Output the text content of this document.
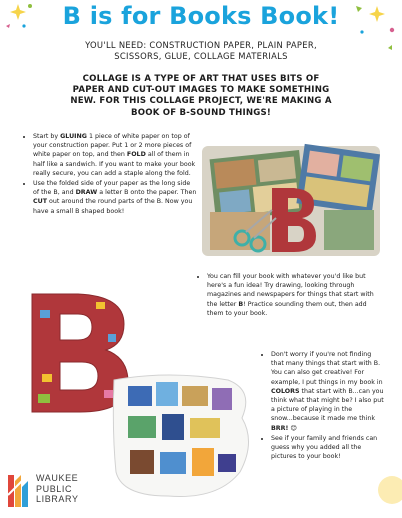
B is for Books Book!
YOU'LL NEED: CONSTRUCTION PAPER, PLAIN PAPER,
SCISSORS, GLUE, COLLAGE MATERIALS
COLLAGE IS A TYPE OF ART THAT USES BITS OF
PAPER AND CUT-OUT IMAGES TO MAKE SOMETHING
NEW. FOR THIS COLLAGE PROJECT, WE'RE MAKING A
BOOK OF B-SOUND THINGS!
• Start by GLUING 1 piece of white paper on top of your construction paper. Put 1 or 2 more pieces of white paper on top, and then FOLD all of them in half like a sandwich. If you want to make your book really secure, you can add a staple along the fold.
• Use the folded side of your paper as the long side of the B, and DRAW a letter B onto the paper. Then CUT out around the round parts of the B. Now you have a small B shaped book!
• You can fill your book with whatever you'd like but here's a fun idea! Try drawing, looking through magazines and newspapers for things that start with the letter B! Practice sounding them out, then add them to your book.
• Don't worry if you're not finding that many things that start with B. You can also get creative! For example, I put things in my book in COLORS that start with B...can you think what that might be? I also put a picture of playing in the snow...because it made me think BRR! 😊
• See if your family and friends can guess why you added all the pictures to your book!
WAUKEE
PUBLIC
LIBRARY
